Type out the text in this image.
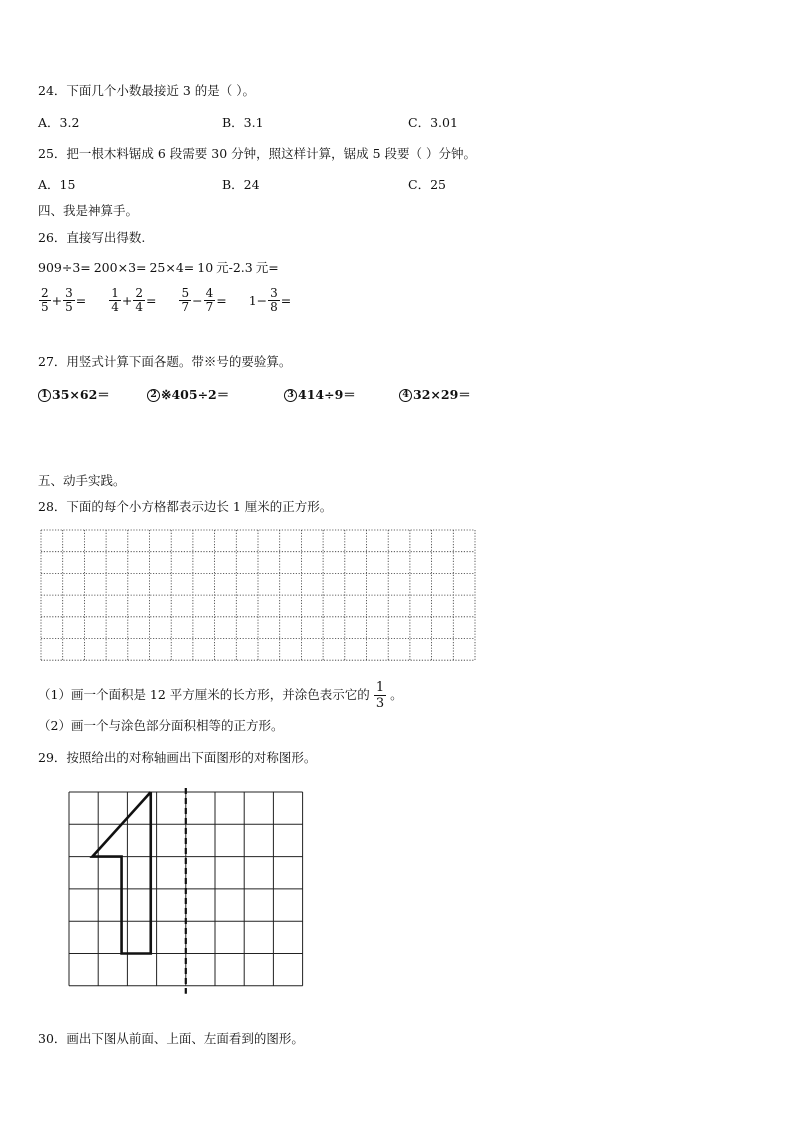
24．下面几个小数最接近 3 的是（ ）。
A．3.2	B．3.1	C．3.01
25．把一根木料锯成 6 段需要 30 分钟，照这样计算，锯成 5 段要（ ）分钟。
A．15	B．24	C．25
四、我是神算手。
26．直接写出得数.
909÷3= 200×3= 25×4= 10 元-2.3 元=
$\frac{2}{5} + \frac{3}{5} = \frac{1}{4} + \frac{2}{4} = \frac{5}{7} - \frac{4}{7} = 1- \frac{3}{8}$ =
27．用竖式计算下面各题。带※号的要验算。
1 35×62＝	2 ※405÷2＝	3 414÷9＝	4 32×29＝
五、动手实践。
28．下面的每个小方格都表示边长 1 厘米的正方形。
（1）画一个面积是 12 平方厘米的长方形，并涂色表示它的 $\frac{1}{3}$ 。
（2）画一个与涂色部分面积相等的正方形。
29．按照给出的对称轴画出下面图形的对称图形。
30．画出下图从前面、上面、左面看到的图形。
